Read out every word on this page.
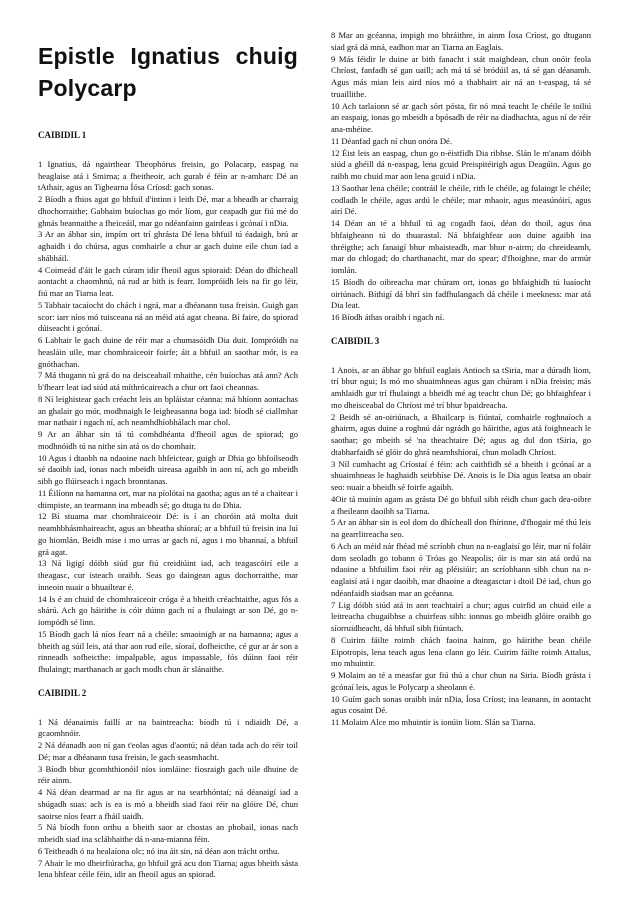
Epistle Ignatius chuig Polycarp
CAIBIDIL 1

1 Ignatius, dá ngairthear Theophórus freisin, go Polacarp, easpag na heaglaise atá i Smirna; a fheitheoir, ach gurab é féin ar n-amharc Dé an tAthair, agus an Tighearna Íósa Críosd: gach sonas.

2 Bíodh a fhios agat go bhfuil d'intinn i leith Dé, mar a bheadh ar charraig dhochorraithe; Gabhaim buíochas go mór líom, gur ceapadh gur fiú mé do ghnás beannaithe a fheiceáil, mar go ndéanfainn gairdeas i gcónaí i nDia.

3 Ar an ábhar sin, impím ort trí ghrásta Dé lena bhfuil tú éadaigh, brú ar aghaidh i do chúrsa, agus comhairle a chur ar gach duine eile chun iad a shábháil.

4 Coimeád d'áit le gach cúram idir fheoil agus spioraid: Déan do dhícheall aontacht a chaomhnú, ná rud ar bith is fearr. Iompróidh leis na fir go léir, fiú mar an Tiarna leat.

5 Tabhair tacaíocht do chách i ngrá, mar a dhéanann tusa freisin. Guigh gan scor: iarr níos mó tuisceana ná an méid atá agat cheana. Bí faire, do spiorad dúiseacht i gcónaí.

6 Labhair le gach duine de réir mar a chumasóidh Dia duit. Iompróidh na heasláin uile, mar chomhraiceoir foirfe; áit a bhfuil an saothar mór, is ea gnóthachan.

7 Má thugann tú grá do na deisceabail mhaithe, cén buíochas atá ann? Ach b'fhearr leat iad siúd atá míthrócaireach a chur ort faoi cheannas.

8 Ní leighistear gach créacht leis an bpláistar céanna: má bhíonn aontachas an ghalair go mór, modhnaigh le leigheasanna boga iad: bíodh sé ciallmhar mar nathair i ngach ní, ach neamhdhíobhálach mar chol.

9 Ar an ábhar sin tá tú comhdhéanta d'fheoil agus de spiorad; go modhnóidh tú na nithe sin atá os do chomhair.

10 Agus i dtaobh na ndaoine nach bhfeictear, guigh ar Dhia go bhfoilseodh sé daoibh iad, ionas nach mbeidh uireasa agaibh in aon ní, ach go mbeidh sibh go flúirseach i ngach bronntanas.

11 Éilíonn na hamanna ort, mar na píolótaí na gaotha; agus an té a chaitear i dtimpiste, an tearmann ina mbeadh sé; go dtuga tu do Dhia.

12 Bí stuama mar chomhraiceoir Dé: is í an choróin atá molta duit neamhbhásmhaireacht, agus an bheatha shíoraí; ar a bhfuil tú freisin ina luí go hiomlán. Beidh mise i mo urras ar gach ní, agus i mo bhannaí, a bhfuil grá agat.

13 Ná ligigí dóibh siúd gur fiú creidiúint iad, ach teagascóirí eile a theagasc, cur isteach oraibh. Seas go daingean agus dochorraithe, mar inneoin nuair a bhuailtear é.

14 Is é an chuid de chomhraiceoir cróga é a bheith créachtaithe, agus fós a shárú. Ach go háirithe is cóir dúinn gach ní a fhulaingt ar son Dé, go n-iompódh sé linn.

15 Bíodh gach lá níos fearr ná a chéile: smaoinigh ar na hamanna; agus a bheith ag súil leis, atá thar aon rud eile, síoraí, dofheicthe, cé gur ar ár son a rinneadh sofheicthe: impalpable, agus impassable, fós dúinn faoi réir fhulaingt; marthanach ar gach modh chun ár slánaithe.

CAIBIDIL 2

1 Ná déanaimis faillí ar na baintreacha: bíodh tú i ndiaidh Dé, a gcaomhnóir.

2 Ná déanadh aon ní gan t'eolas agus d'aontú; ná déan tada ach do réir toil Dé; mar a dhéanann tusa freisin, le gach seasmhacht.

3 Bíodh bhur gcomhthionóil níos iomláine: fiosraigh gach uile dhuine de réir ainm.

4 Ná déan dearmad ar na fir agus ar na searbhóntaí; ná déanaigí iad a shúgadh suas: ach is ea is mó a bheidh siad faoi réir na glóire Dé, chun saoirse níos fearr a fháil uaidh.

5 Ná bíodh fonn orthu a bheith saor ar chostas an phobail, ionas nach mbeidh siad ina sclábhaithe dá n-ana-mianna féin.

6 Teitheadh ó na healaíona olc; nó ina áit sin, ná déan aon trácht orthu.

7 Abair le mo dheirfiúracha, go bhfuil grá acu don Tiarna; agus bheith sásta lena bhfear céile féin, idir an fheoil agus an spiorad.

8 Mar an gcéanna, impigh mo bhráithre, in ainm Íosa Críost, go dtugann siad grá dá mná, eadhon mar an Tiarna an Eaglais.

9 Más féidir le duine ar bith fanacht i stát maighdean, chun onóir feola Chríost, fanfadh sé gan uaill; ach má tá sé bródúil as, tá sé gan déanamh. Agus más mian leis aird níos mó a thabhairt air ná an t-easpag, tá sé truaillithe.

10 Ach tarlaíonn sé ar gach sórt pósta, fir nó mná teacht le chéile le toiliú an easpaig, ionas go mbeidh a bpósadh de réir na diadhachta, agus ní de réir ana-mhéine.

11 Déanfad gach ní chun onóra Dé.

12 Éist leis an easpag, chun go n-éistfidh Dia ribhse. Slán le m'anam dóibh siúd a ghéill dá n-easpag, lena gcuid Preispitéirigh agus Deagúin. Agus go raibh mo chuid mar aon lena gcuid i nDia.

13 Saothar lena chéile; contráil le chéile, rith le chéile, ag fulaingt le chéile; codladh le chéile, agus ardú le chéile; mar mhaoir, agus measúnóirí, agus airí Dé.

14 Déan an té a bhfuil tú ag cogadh faoi, déan do thoil, agus óna bhfaigheann tú do thuarastal. Ná bhfaighfear aon duine agaibh ina thréigthe; ach fanaigí bhur mbaisteadh, mar bhur n-airm; do chreideamh, mar do chlogad; do charthanacht, mar do spear; d'fhoighne, mar do armúr iomlán.

15 Bíodh do oibreacha mar chúram ort, ionas go bhfaighidh tú luaíocht oiriúnach. Bíthigí dá bhrí sin fadfhulangach dá chéile i meekness: mar atá Dia leat.

16 Bíodh áthas oraibh i ngach ní.

CAIBIDIL 3

1 Anois, ar an ábhar go bhfuil eaglais Antioch sa tSiria, mar a dúradh liom, trí bhur ngui; Is mó mo shuaimhneas agus gan chúram i nDia freisin; más amhlaidh gur trí fhulaingt a bheidh mé ag teacht chun Dé; go bhfaighfear i mo dheisceabal do Chríost mé trí bhur bpaidreacha.

2 Beidh sé an-oiriúnach, a Bhailcarp is fiúntaí, comhairle roghnaíoch a ghairm, agus duine a roghnú dár ngrádh go háirithe, agus atá foighneach le saothar; go mbeith sé 'na theachtaire Dé; agus ag dul don tSiria, go dtabharfaidh sé glóir do ghrá neamhshíoraí, chun moladh Chríost.

3 Níl cumhacht ag Críostaí é féin: ach caithfidh sé a bheith i gcónaí ar a shuaimhneas le haghaidh seirbhíse Dé. Anois is le Dia agus leatsa an obair seo: nuair a bheidh sé foirfe agaibh.

4Oir tá muinín agam as grásta Dé go bhfuil sibh réidh chun gach dea-oibre a fheileann daoibh sa Tiarna.

5 Ar an ábhar sin is eol dom do dhícheall don fhírinne, d'fhogair mé thú leis na gearrlitreacha seo.

6 Ach an méid nár fhéad mé scríobh chun na n-eaglaisí go léir, mar ní foláir dom seoladh go tobann ó Tróas go Neapolis; óir is mar sin atá ordú na ndaoine a bhfuilim faoi réir ag pléisiúir; an scríobhann sibh chun na n-eaglaisí atá i ngar daoibh, mar dhaoine a dteagasctar i dtoil Dé iad, chun go ndéanfaidh siadsan mar an gcéanna.

7 Lig dóibh siúd atá in ann teachtairí a chur; agus cuirfid an chuid eile a leitreacha chugaibhse a chuirfeas sibh: ionnus go mbeidh glóire oraibh go síorruidheacht, dá bhfuil sibh fiúntach.

8 Cuirim fáilte roimh chách faoina hainm, go háirithe bean chéile Eipotropis, lena teach agus lena clann go léir. Cuirim fáilte roimh Attalus, mo mhuintir.

9 Molaim an té a measfar gur fiú thú a chur chun na Siria. Bíodh grásta i gcónaí leis, agus le Polycarp a sheolann é.

10 Guím gach sonas oraibh inár nDia, Íosa Críost; ina leanann, in aontacht agus cosaint Dé.

11 Molaim Alce mo mhuintir is ionúin liom. Slán sa Tiarna.
